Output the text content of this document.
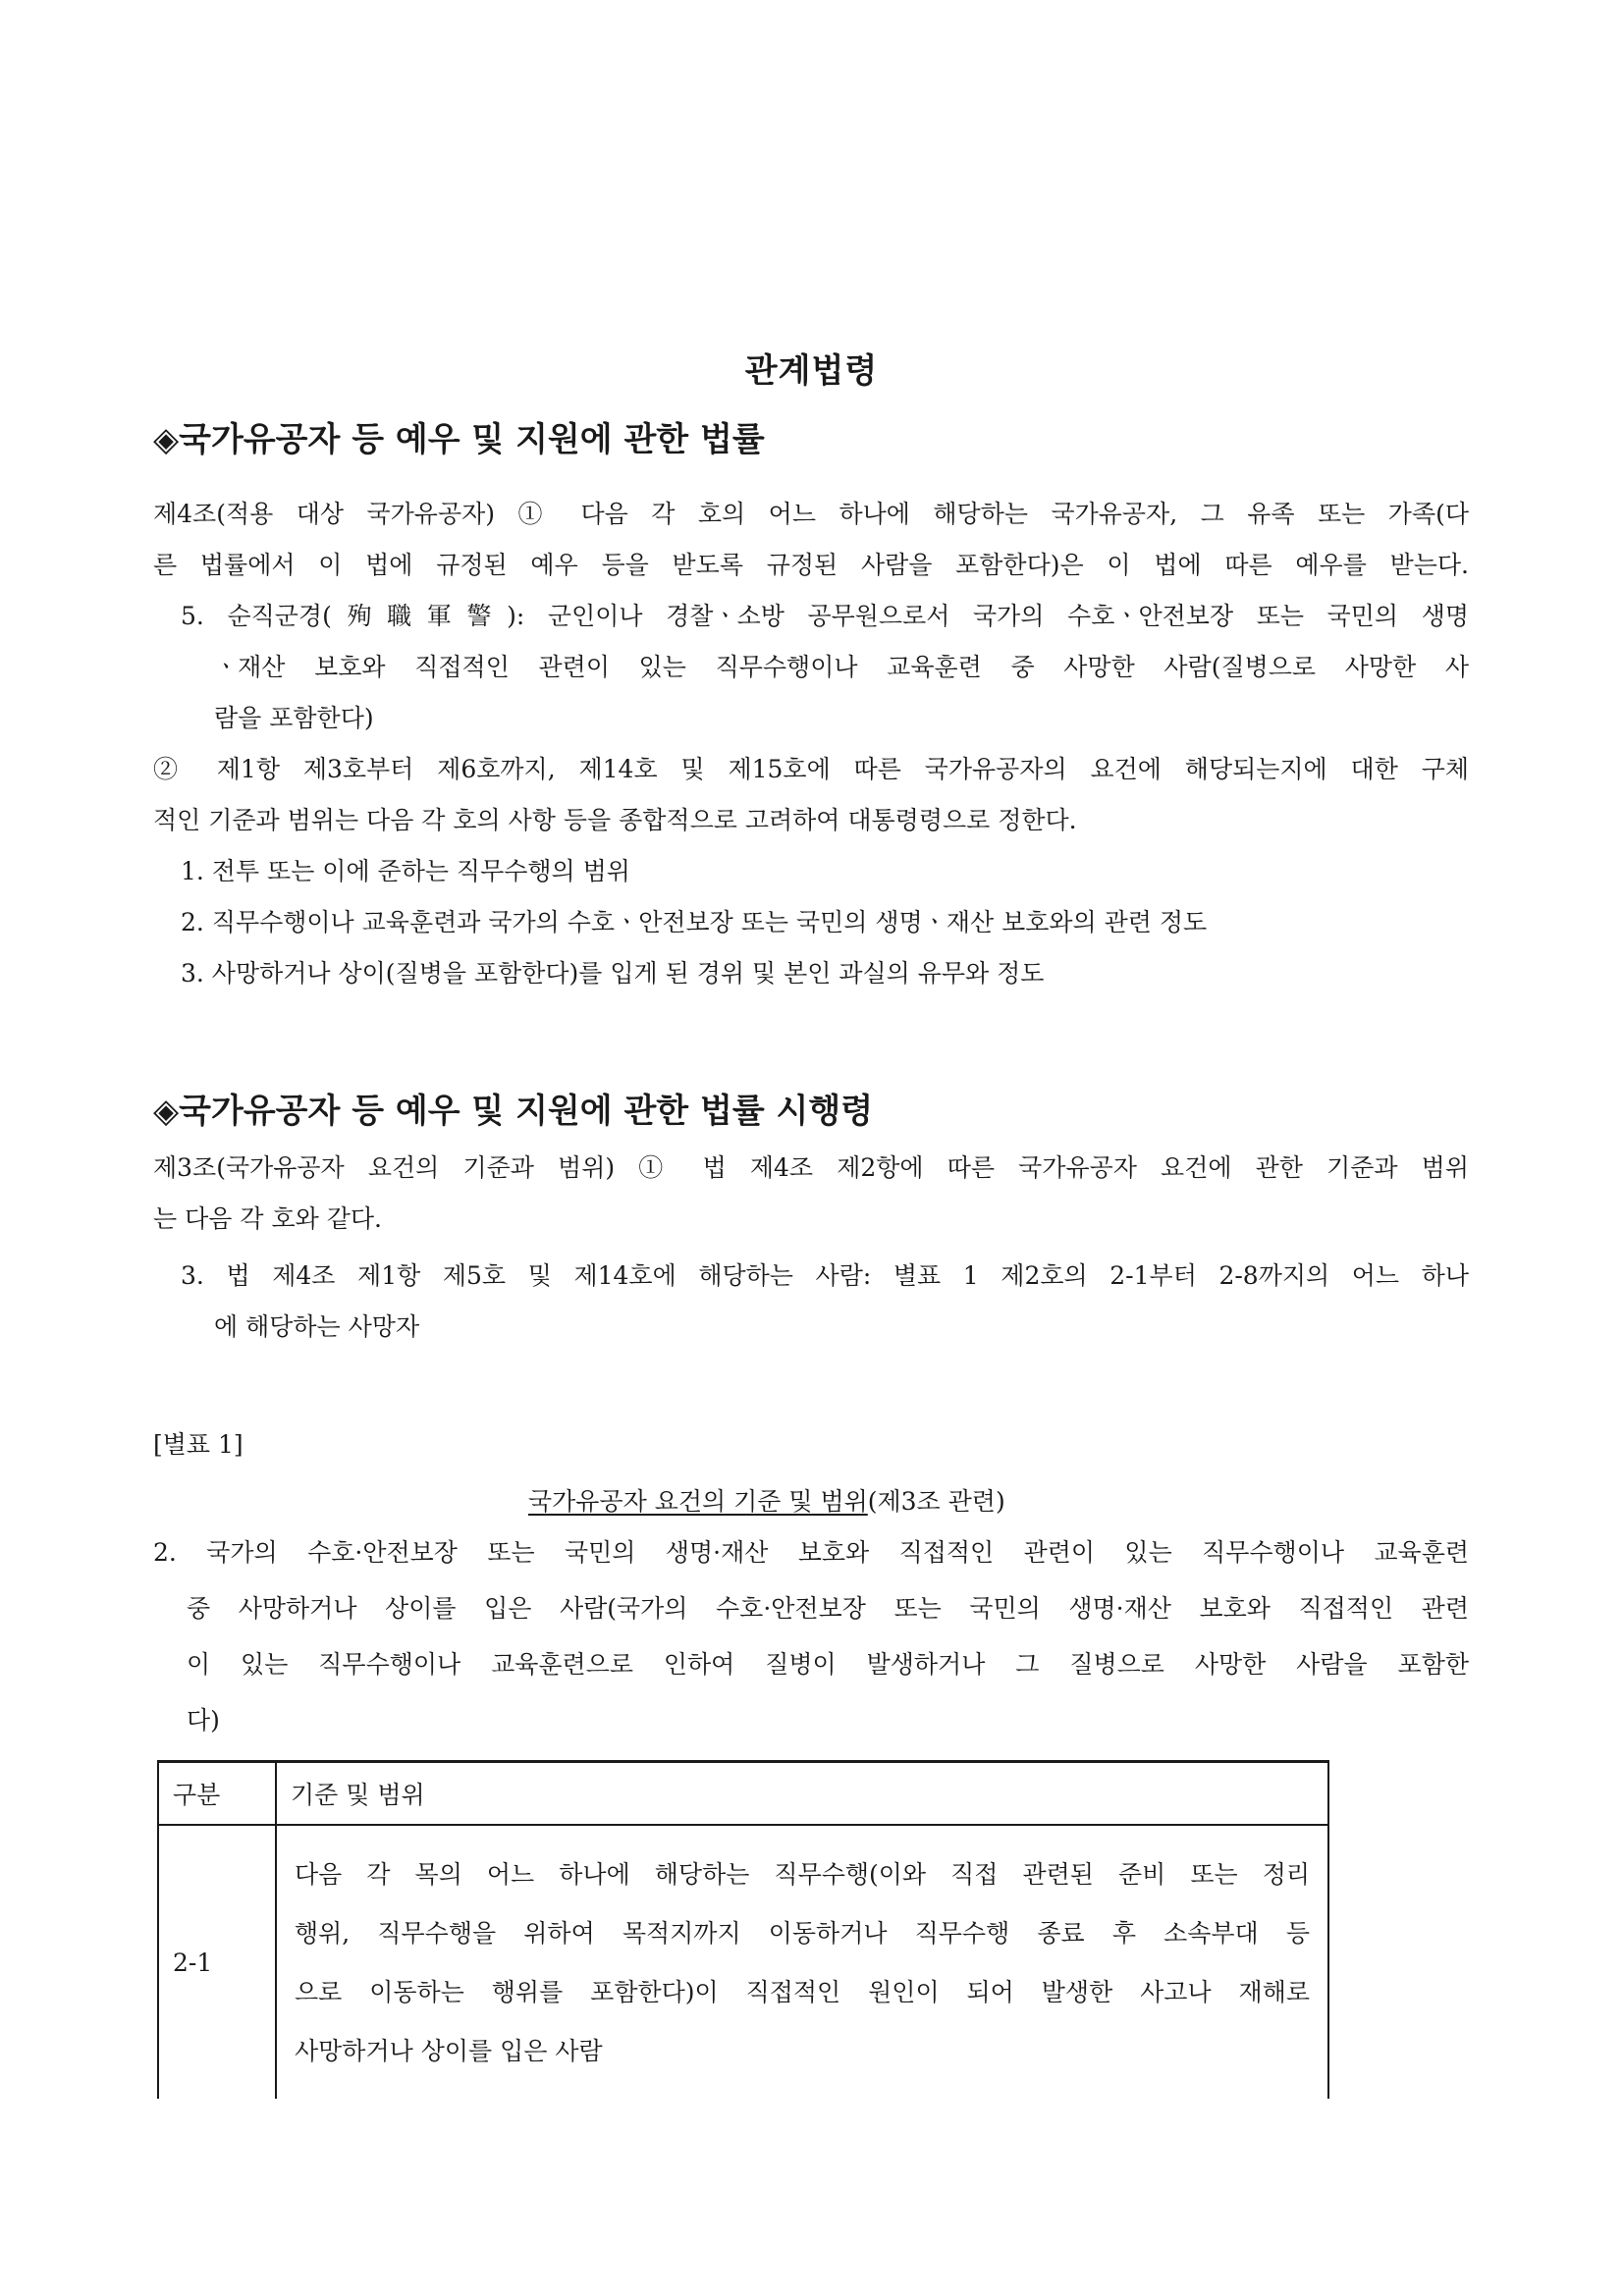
관계법령
◈국가유공자 등 예우 및 지원에 관한 법률
제4조(적용 대상 국가유공자) ① 다음 각 호의 어느 하나에 해당하는 국가유공자, 그 유족 또는 가족(다
른 법률에서 이 법에 규정된 예우 등을 받도록 규정된 사람을 포함한다)은 이 법에 따른 예우를 받는다.
5. 순직군경(殉職軍警): 군인이나 경찰ㆍ소방 공무원으로서 국가의 수호ㆍ안전보장 또는 국민의 생명
ㆍ재산 보호와 직접적인 관련이 있는 직무수행이나 교육훈련 중 사망한 사람(질병으로 사망한 사
람을 포함한다)
② 제1항 제3호부터 제6호까지, 제14호 및 제15호에 따른 국가유공자의 요건에 해당되는지에 대한 구체
적인 기준과 범위는 다음 각 호의 사항 등을 종합적으로 고려하여 대통령령으로 정한다.
1. 전투 또는 이에 준하는 직무수행의 범위
2. 직무수행이나 교육훈련과 국가의 수호ㆍ안전보장 또는 국민의 생명ㆍ재산 보호와의 관련 정도
3. 사망하거나 상이(질병을 포함한다)를 입게 된 경위 및 본인 과실의 유무와 정도
◈국가유공자 등 예우 및 지원에 관한 법률 시행령
제3조(국가유공자 요건의 기준과 범위) ① 법 제4조 제2항에 따른 국가유공자 요건에 관한 기준과 범위
는 다음 각 호와 같다.
3. 법 제4조 제1항 제5호 및 제14호에 해당하는 사람: 별표 1 제2호의 2-1부터 2-8까지의 어느 하나
에 해당하는 사망자
[별표 1]
국가유공자 요건의 기준 및 범위(제3조 관련)
2. 국가의 수호·안전보장 또는 국민의 생명·재산 보호와 직접적인 관련이 있는 직무수행이나 교육훈련
중 사망하거나 상이를 입은 사람(국가의 수호·안전보장 또는 국민의 생명·재산 보호와 직접적인 관련
이 있는 직무수행이나 교육훈련으로 인하여 질병이 발생하거나 그 질병으로 사망한 사람을 포함한
다)
구분	기준 및 범위
2-1	다음 각 목의 어느 하나에 해당하는 직무수행(이와 직접 관련된 준비 또는 정리
행위, 직무수행을 위하여 목적지까지 이동하거나 직무수행 종료 후 소속부대 등
으로 이동하는 행위를 포함한다)이 직접적인 원인이 되어 발생한 사고나 재해로
사망하거나 상이를 입은 사람
